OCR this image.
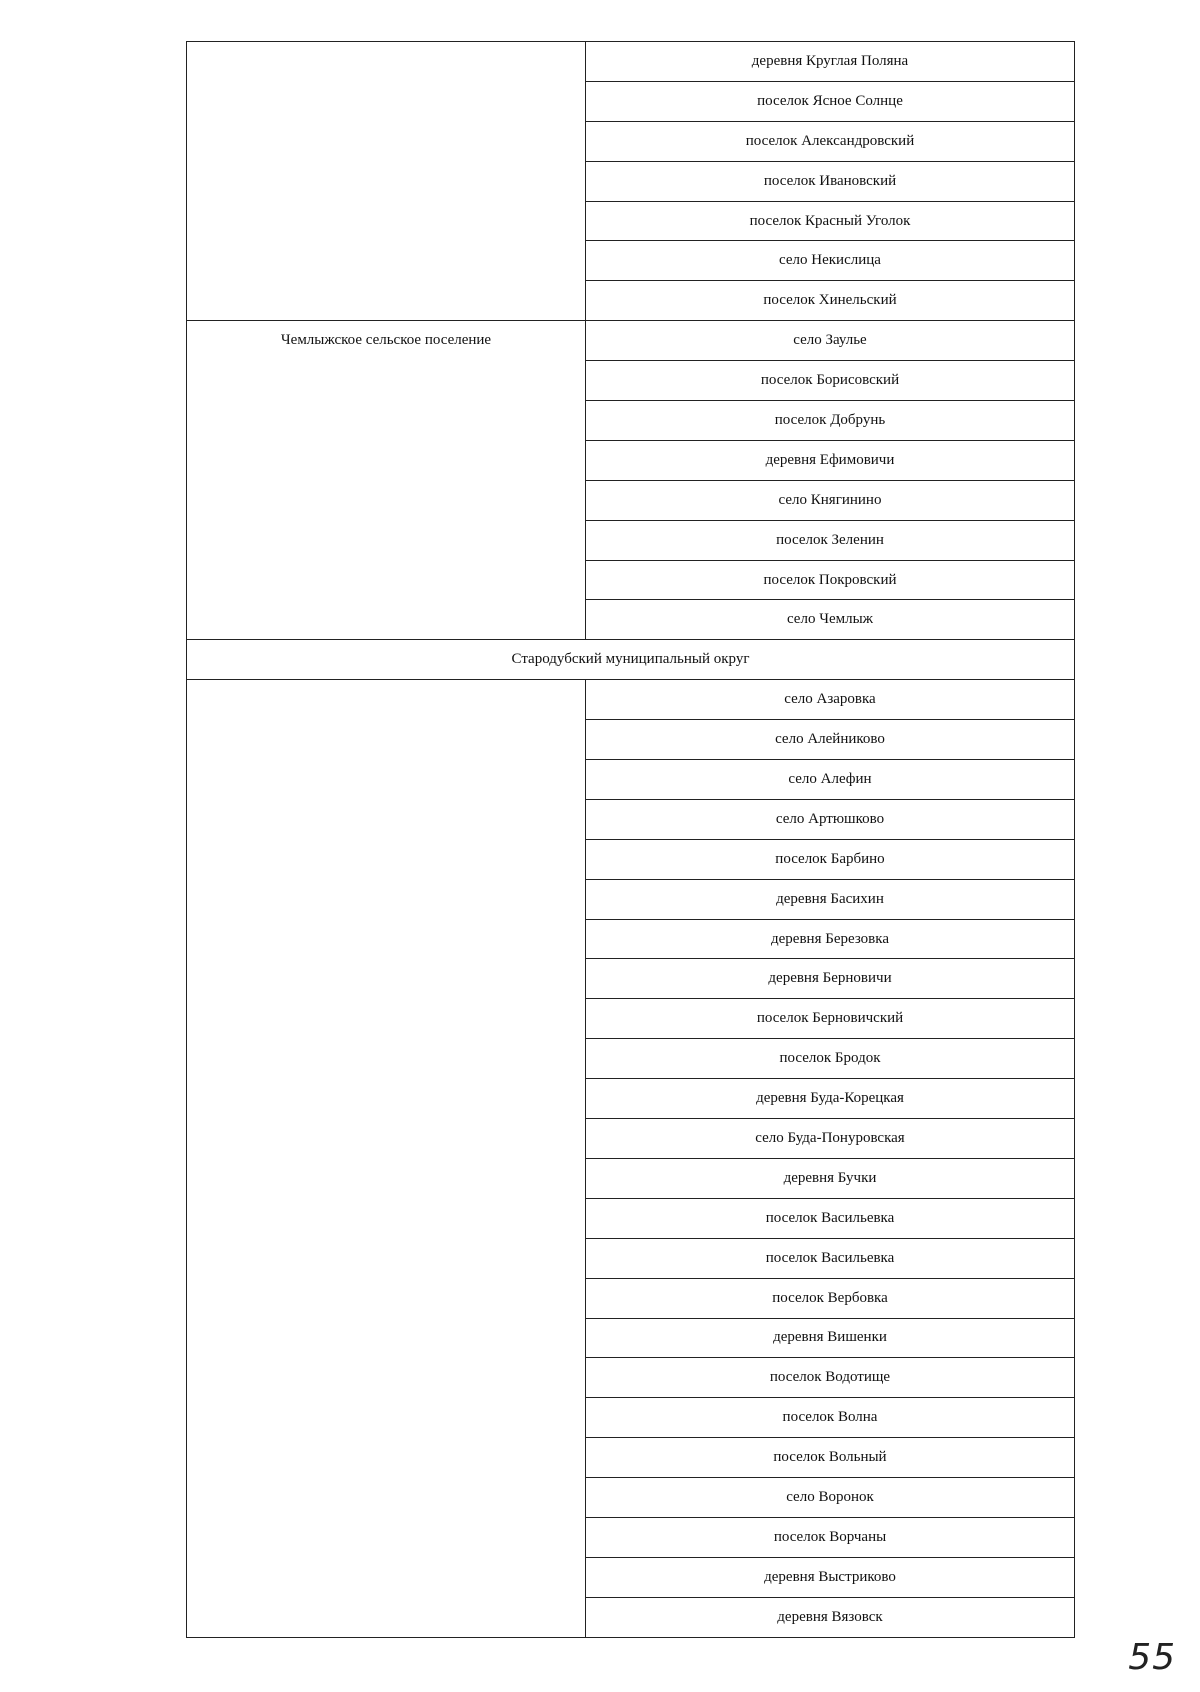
	деревня Круглая Поляна
	поселок Ясное Солнце
	поселок Александровский
	поселок Ивановский
	поселок Красный Уголок
	село Некислица
	поселок Хинельский

Чемлыжское сельское поселение	село Заулье
	поселок Борисовский
	поселок Добрунь
	деревня Ефимовичи
	село Княгинино
	поселок Зеленин
	поселок Покровский
	село Чемлыж
Стародубский муниципальный округ	

	село Азаровка
	село Алейниково
	село Алефин
	село Артюшково
	поселок Барбино
	деревня Басихин
	деревня Березовка
	деревня Берновичи
	поселок Берновичский
	поселок Бродок
	деревня Буда-Корецкая
	село Буда-Понуровская
	деревня Бучки
	поселок Васильевка
	поселок Васильевка
	поселок Вербовка
	деревня Вишенки
	поселок Водотище
	поселок Волна
	поселок Вольный
	село Воронок
	поселок Ворчаны
	деревня Выстриково
	деревня Вязовск
55
